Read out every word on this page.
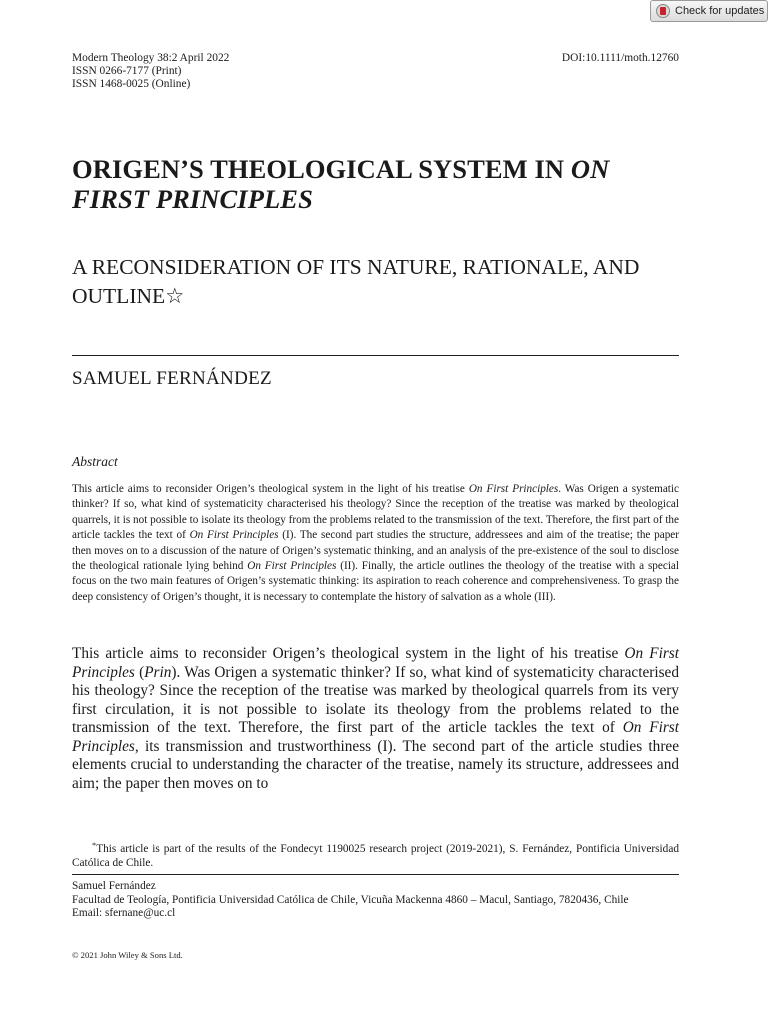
Check for updates
Modern Theology 38:2 April 2022
ISSN 0266-7177 (Print)
ISSN 1468-0025 (Online)
DOI:10.1111/moth.12760
ORIGEN’S THEOLOGICAL SYSTEM IN ON FIRST PRINCIPLES
A RECONSIDERATION OF ITS NATURE, RATIONALE, AND OUTLINE☆
SAMUEL FERNÁNDEZ
Abstract

This article aims to reconsider Origen’s theological system in the light of his treatise On First Principles. Was Origen a systematic thinker? If so, what kind of systematicity characterised his theology? Since the reception of the treatise was marked by theological quarrels, it is not possible to isolate its theology from the problems related to the transmission of the text. Therefore, the first part of the article tackles the text of On First Principles (I). The second part studies the structure, addressees and aim of the treatise; the paper then moves on to a discussion of the nature of Origen’s systematic thinking, and an analysis of the pre-existence of the soul to disclose the theological rationale lying behind On First Principles (II). Finally, the article outlines the theology of the treatise with a special focus on the two main features of Origen’s systematic thinking: its aspiration to reach coherence and comprehensiveness. To grasp the deep consistency of Origen’s thought, it is necessary to contemplate the history of salvation as a whole (III).

This article aims to reconsider Origen’s theological system in the light of his treatise On First Principles (Prin). Was Origen a systematic thinker? If so, what kind of systematicity characterised his theology? Since the reception of the treatise was marked by theological quarrels from its very first circulation, it is not possible to isolate its theology from the problems related to the transmission of the text. Therefore, the first part of the article tackles the text of On First Principles, its transmission and trustworthiness (I). The second part of the article studies three elements crucial to understanding the character of the treatise, namely its structure, addressees and aim; the paper then moves on to

*This article is part of the results of the Fondecyt 1190025 research project (2019-2021), S. Fernández, Pontificia Universidad Católica de Chile.

Samuel Fernández
Facultad de Teología, Pontificia Universidad Católica de Chile, Vicuña Mackenna 4860 – Macul, Santiago, 7820436, Chile
Email: sfernane@uc.cl
© 2021 John Wiley & Sons Ltd.
